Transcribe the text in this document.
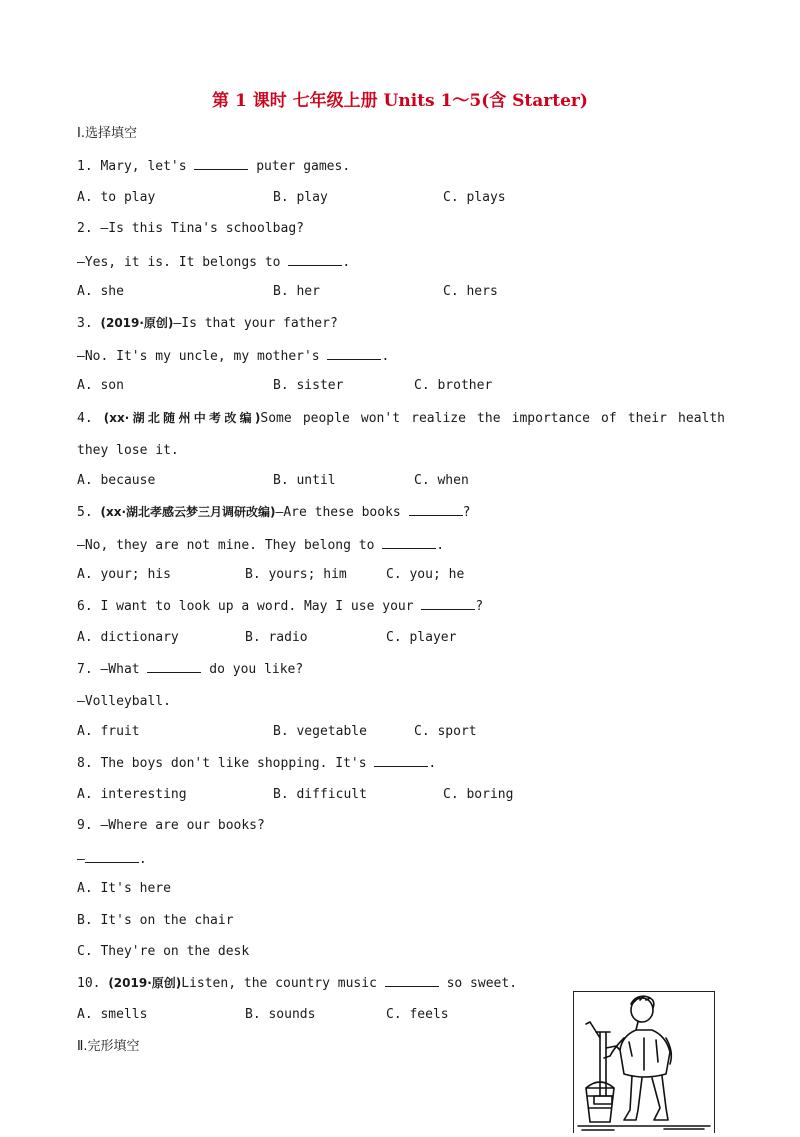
第 1 课时 七年级上册 Units 1～5(含 Starter)
Ⅰ.选择填空
1. Mary, let's	puter games.
A. to play	B. play	C. plays
2. —Is this Tina's schoolbag?
—Yes, it is. It belongs to	.
A. she	B. her	C. hers
3. (2019·原创)—Is that your father?
—No. It's my uncle, my mother's	.
A. son	B. sister	C. brother
4. (xx·湖北随州中考改编)Some people won't realize the importance of their health
they lose it.
A. because	B. until	C. when
5. (xx·湖北孝感云梦三月调研改编)—Are these books	?
—No, they are not mine. They belong to	.
A. your; his	B. yours; him	C. you; he
6. I want to look up a word. May I use your	?
A. dictionary	B. radio	C. player
7. —What	do you like?
—Volleyball.
A. fruit	B. vegetable	C. sport
8. The boys don't like shopping. It's	.
A. interesting	B. difficult	C. boring
9. —Where are our books?
—	.
A. It's here
B. It's on the chair
C. They're on the desk
10. (2019·原创)Listen, the country music	so sweet.
A. smells	B. sounds	C. feels
Ⅱ.完形填空
